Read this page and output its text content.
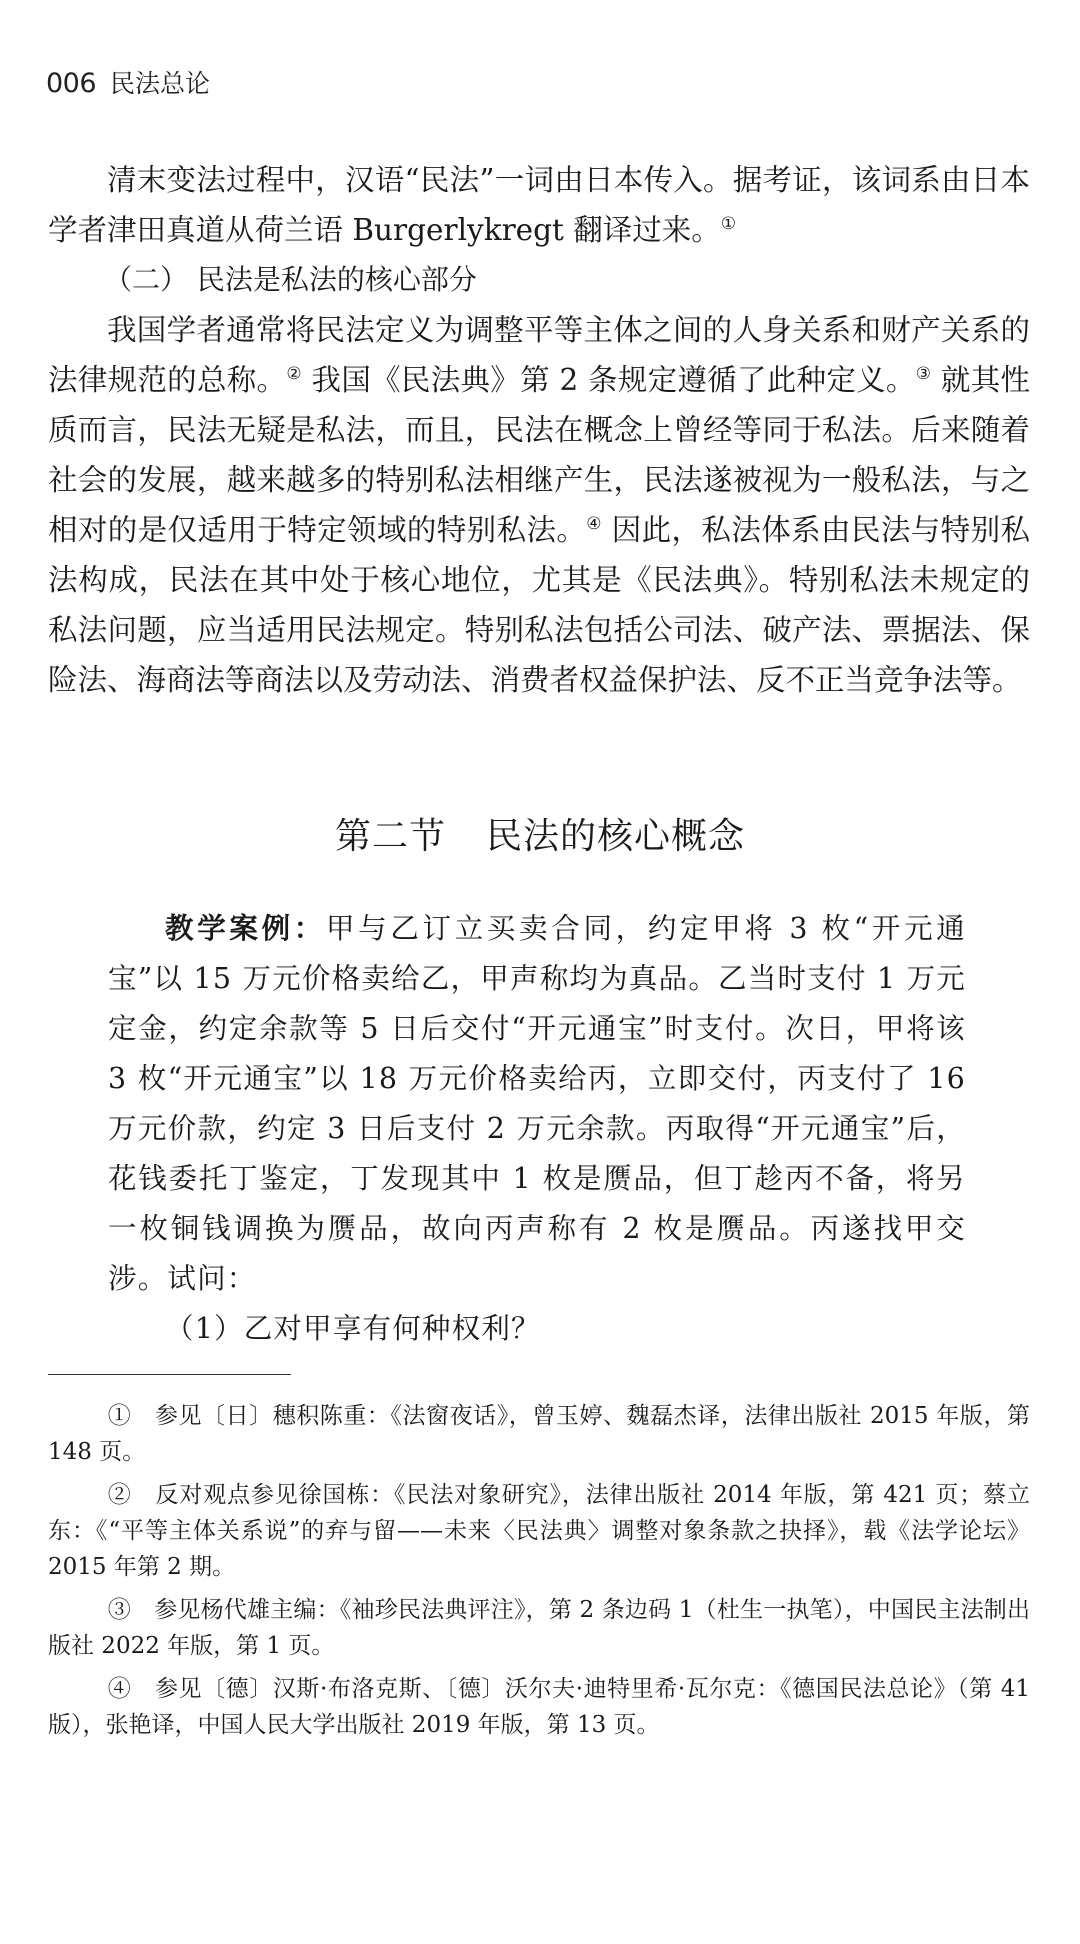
006 民法总论

清末变法过程中，汉语“民法”一词由日本传入。据考证，该词系由日本学者津田真道从荷兰语 Burgerlykregt 翻译过来。①

（二） 民法是私法的核心部分

我国学者通常将民法定义为调整平等主体之间的人身关系和财产关系的法律规范的总称。② 我国《民法典》第 2 条规定遵循了此种定义。③ 就其性质而言，民法无疑是私法，而且，民法在概念上曾经等同于私法。后来随着社会的发展，越来越多的特别私法相继产生，民法遂被视为一般私法，与之相对的是仅适用于特定领域的特别私法。④ 因此，私法体系由民法与特别私法构成，民法在其中处于核心地位，尤其是《民法典》。特别私法未规定的私法问题，应当适用民法规定。特别私法包括公司法、破产法、票据法、保险法、海商法等商法以及劳动法、消费者权益保护法、反不正当竞争法等。

第二节 民法的核心概念

教学案例：甲与乙订立买卖合同，约定甲将 3 枚“开元通宝”以 15 万元价格卖给乙，甲声称均为真品。乙当时支付 1 万元定金，约定余款等 5 日后交付“开元通宝”时支付。次日，甲将该 3 枚“开元通宝”以 18 万元价格卖给丙，立即交付，丙支付了 16 万元价款，约定 3 日后支付 2 万元余款。丙取得“开元通宝”后，花钱委托丁鉴定，丁发现其中 1 枚是赝品，但丁趁丙不备，将另一枚铜钱调换为赝品，故向丙声称有 2 枚是赝品。丙遂找甲交涉。试问：

（1）乙对甲享有何种权利？

①　 参见〔日〕穗积陈重：《法窗夜话》，曾玉婷、魏磊杰译，法律出版社 2015 年版，第 148 页。

②　 反对观点参见徐国栋：《民法对象研究》，法律出版社 2014 年版，第 421 页；蔡立东：《“平等主体关系说”的弃与留——未来〈民法典〉调整对象条款之抉择》，载《法学论坛》2015 年第 2 期。

③　 参见杨代雄主编：《袖珍民法典评注》，第 2 条边码 1（杜生一执笔），中国民主法制出版社 2022 年版，第 1 页。

④　 参见〔德〕汉斯·布洛克斯、〔德〕沃尔夫·迪特里希·瓦尔克：《德国民法总论》（第 41 版），张艳译，中国人民大学出版社 2019 年版，第 13 页。
